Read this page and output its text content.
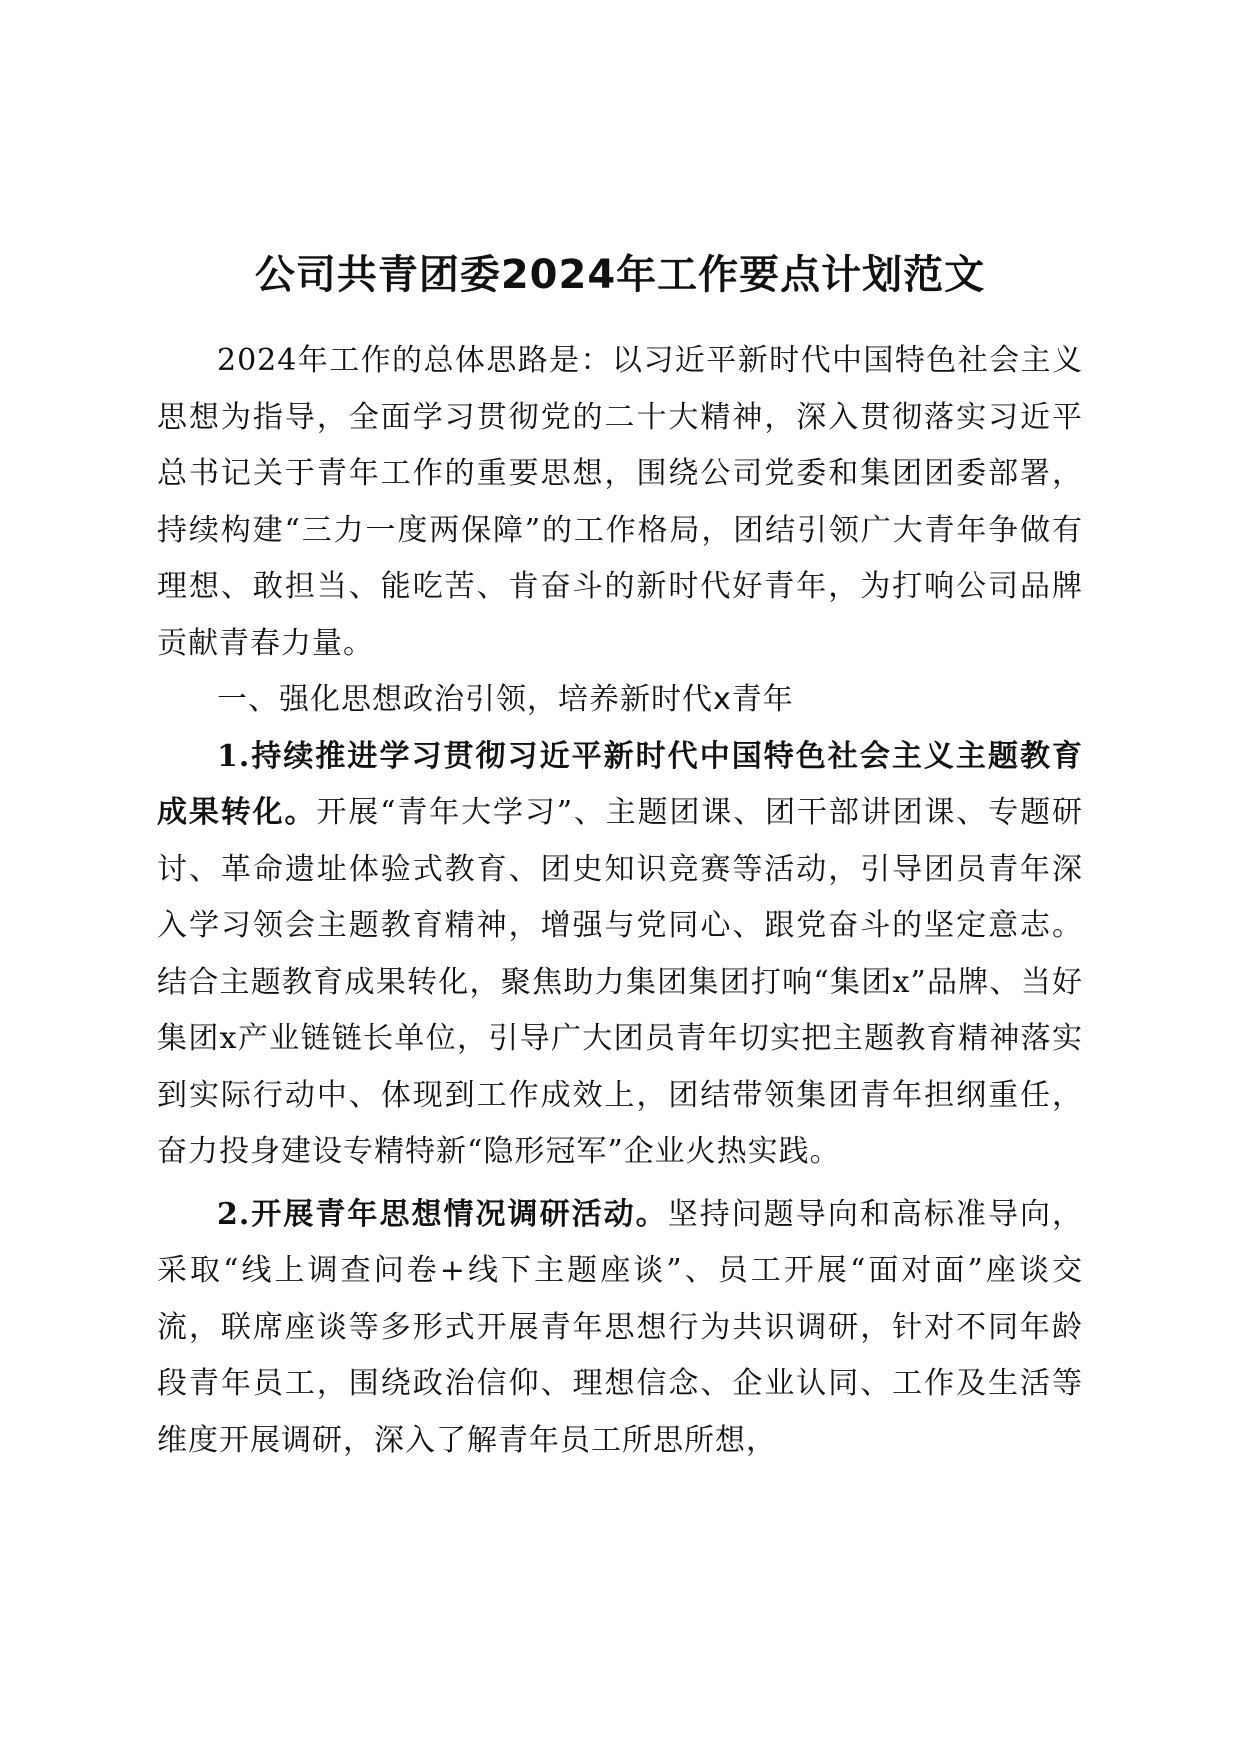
公司共青团委2024年工作要点计划范文

2024年工作的总体思路是：以习近平新时代中国特色社会主义思想为指导，全面学习贯彻党的二十大精神，深入贯彻落实习近平总书记关于青年工作的重要思想，围绕公司党委和集团团委部署，持续构建“三力一度两保障”的工作格局，团结引领广大青年争做有理想、敢担当、能吃苦、肯奋斗的新时代好青年，为打响公司品牌贡献青春力量。

一、强化思想政治引领，培养新时代x青年

1.持续推进学习贯彻习近平新时代中国特色社会主义主题教育成果转化。开展“青年大学习”、主题团课、团干部讲团课、专题研讨、革命遗址体验式教育、团史知识竞赛等活动，引导团员青年深入学习领会主题教育精神，增强与党同心、跟党奋斗的坚定意志。结合主题教育成果转化，聚焦助力集团集团打响“集团x”品牌、当好集团x产业链链长单位，引导广大团员青年切实把主题教育精神落实到实际行动中、体现到工作成效上，团结带领集团青年担纲重任，奋力投身建设专精特新“隐形冠军”企业火热实践。

2.开展青年思想情况调研活动。坚持问题导向和高标准导向，采取“线上调查问卷+线下主题座谈”、员工开展“面对面”座谈交流，联席座谈等多形式开展青年思想行为共识调研，针对不同年龄段青年员工，围绕政治信仰、理想信念、企业认同、工作及生活等维度开展调研，深入了解青年员工所思所想，
